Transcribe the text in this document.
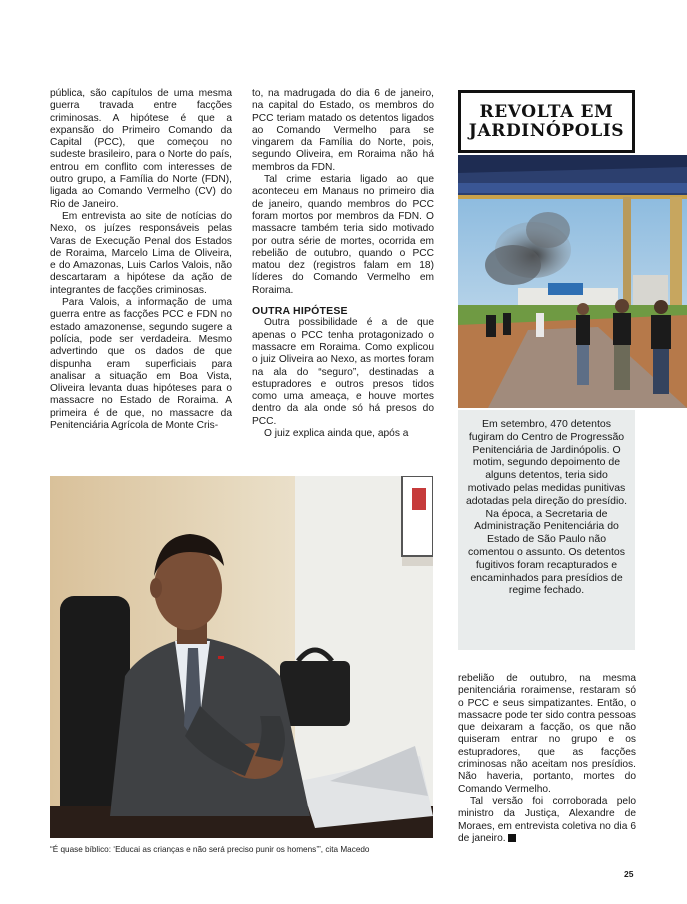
pública, são capítulos de uma mesma guerra travada entre facções criminosas. A hipótese é que a expansão do Primeiro Comando da Capital (PCC), que começou no sudeste brasileiro, para o Norte do país, entrou em conflito com interesses de outro grupo, a Família do Norte (FDN), ligada ao Comando Vermelho (CV) do Rio de Janeiro.

Em entrevista ao site de notícias do Nexo, os juízes responsáveis pelas Varas de Execução Penal dos Estados de Roraima, Marcelo Lima de Oliveira, e do Amazonas, Luis Carlos Valois, não descartaram a hipótese da ação de integrantes de facções criminosas.

Para Valois, a informação de uma guerra entre as facções PCC e FDN no estado amazonense, segundo sugere a polícia, pode ser verdadeira. Mesmo advertindo que os dados de que dispunha eram superficiais para analisar a situação em Boa Vista, Oliveira levanta duas hipóteses para o massacre no Estado de Roraima. A primeira é de que, no massacre da Penitenciária Agrícola de Monte Cris-

to, na madrugada do dia 6 de janeiro, na capital do Estado, os membros do PCC teriam matado os detentos ligados ao Comando Vermelho para se vingarem da Família do Norte, pois, segundo Oliveira, em Roraima não há membros da FDN.

Tal crime estaria ligado ao que aconteceu em Manaus no primeiro dia de janeiro, quando membros do PCC foram mortos por membros da FDN. O massacre também teria sido motivado por outra série de mortes, ocorrida em rebelião de outubro, quando o PCC matou dez (registros falam em 18) líderes do Comando Vermelho em Roraima.

OUTRA HIPÓTESE

Outra possibilidade é a de que apenas o PCC tenha protagonizado o massacre em Roraima. Como explicou o juiz Oliveira ao Nexo, as mortes foram na ala do “seguro”, destinadas a estupradores e outros presos tidos como uma ameaça, e houve mortes dentro da ala onde só há presos do PCC.

O juiz explica ainda que, após a

REVOLTA EM JARDINÓPOLIS
Em setembro, 470 detentos fugiram do Centro de Progressão Penitenciária de Jardinópolis. O motim, segundo depoimento de alguns detentos, teria sido motivado pelas medidas punitivas adotadas pela direção do presídio. Na época, a Secretaria de Administração Penitenciária do Estado de São Paulo não comentou o assunto. Os detentos fugitivos foram recapturados e encaminhados para presídios de regime fechado.
“É quase bíblico: ‘Educai as crianças e não será preciso punir os homens’”, cita Macedo

rebelião de outubro, na mesma penitenciária roraimense, restaram só o PCC e seus simpatizantes. Então, o massacre pode ter sido contra pessoas que deixaram a facção, os que não quiseram entrar no grupo e os estupradores, que as facções criminosas não aceitam nos presídios. Não haveria, portanto, mortes do Comando Vermelho.

Tal versão foi corroborada pelo ministro da Justiça, Alexandre de Moraes, em entrevista coletiva no dia 6 de janeiro.

25
